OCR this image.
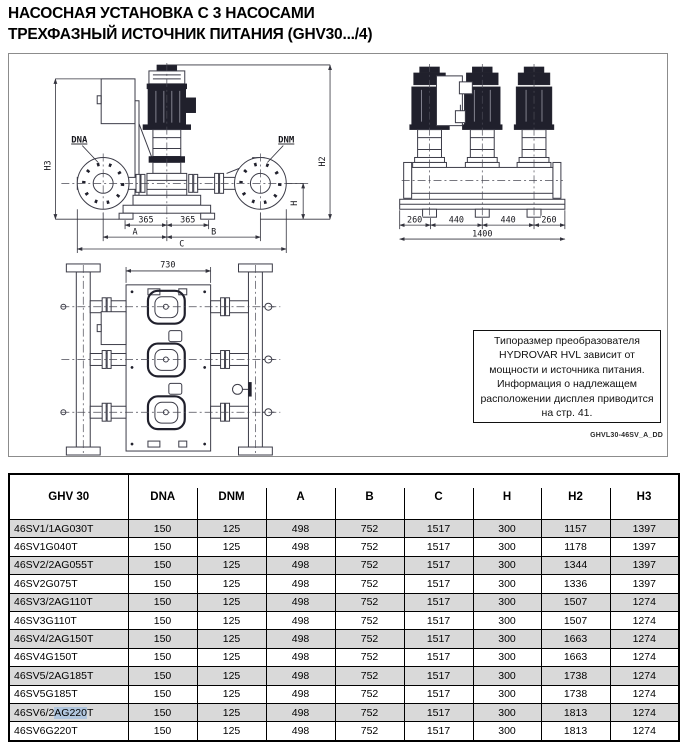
НАСОСНАЯ УСТАНОВКА С 3 НАСОСАМИ
ТРЕХФАЗНЫЙ ИСТОЧНИК ПИТАНИЯ (GHV30.../4)
H3	H2
H
365	365
A	B
C
DNA	DNM
260	440	440	260
1400
730
Типоразмер преобразователя
HYDROVAR HVL зависит от
мощности и источника питания.
Информация о надлежащем
расположении дисплея приводится
на стр. 41.
GHVL30-46SV_A_DD
GHV 30	DNA	DNM	A	B	C	H	H2	H3
46SV1/1AG030T	150	125	498	752	1517	300	1157	1397
46SV1G040T	150	125	498	752	1517	300	1178	1397
46SV2/2AG055T	150	125	498	752	1517	300	1344	1397
46SV2G075T	150	125	498	752	1517	300	1336	1397
46SV3/2AG110T	150	125	498	752	1517	300	1507	1274
46SV3G110T	150	125	498	752	1517	300	1507	1274
46SV4/2AG150T	150	125	498	752	1517	300	1663	1274
46SV4G150T	150	125	498	752	1517	300	1663	1274
46SV5/2AG185T	150	125	498	752	1517	300	1738	1274
46SV5G185T	150	125	498	752	1517	300	1738	1274
46SV6/2AG220T	150	125	498	752	1517	300	1813	1274
46SV6G220T	150	125	498	752	1517	300	1813	1274
